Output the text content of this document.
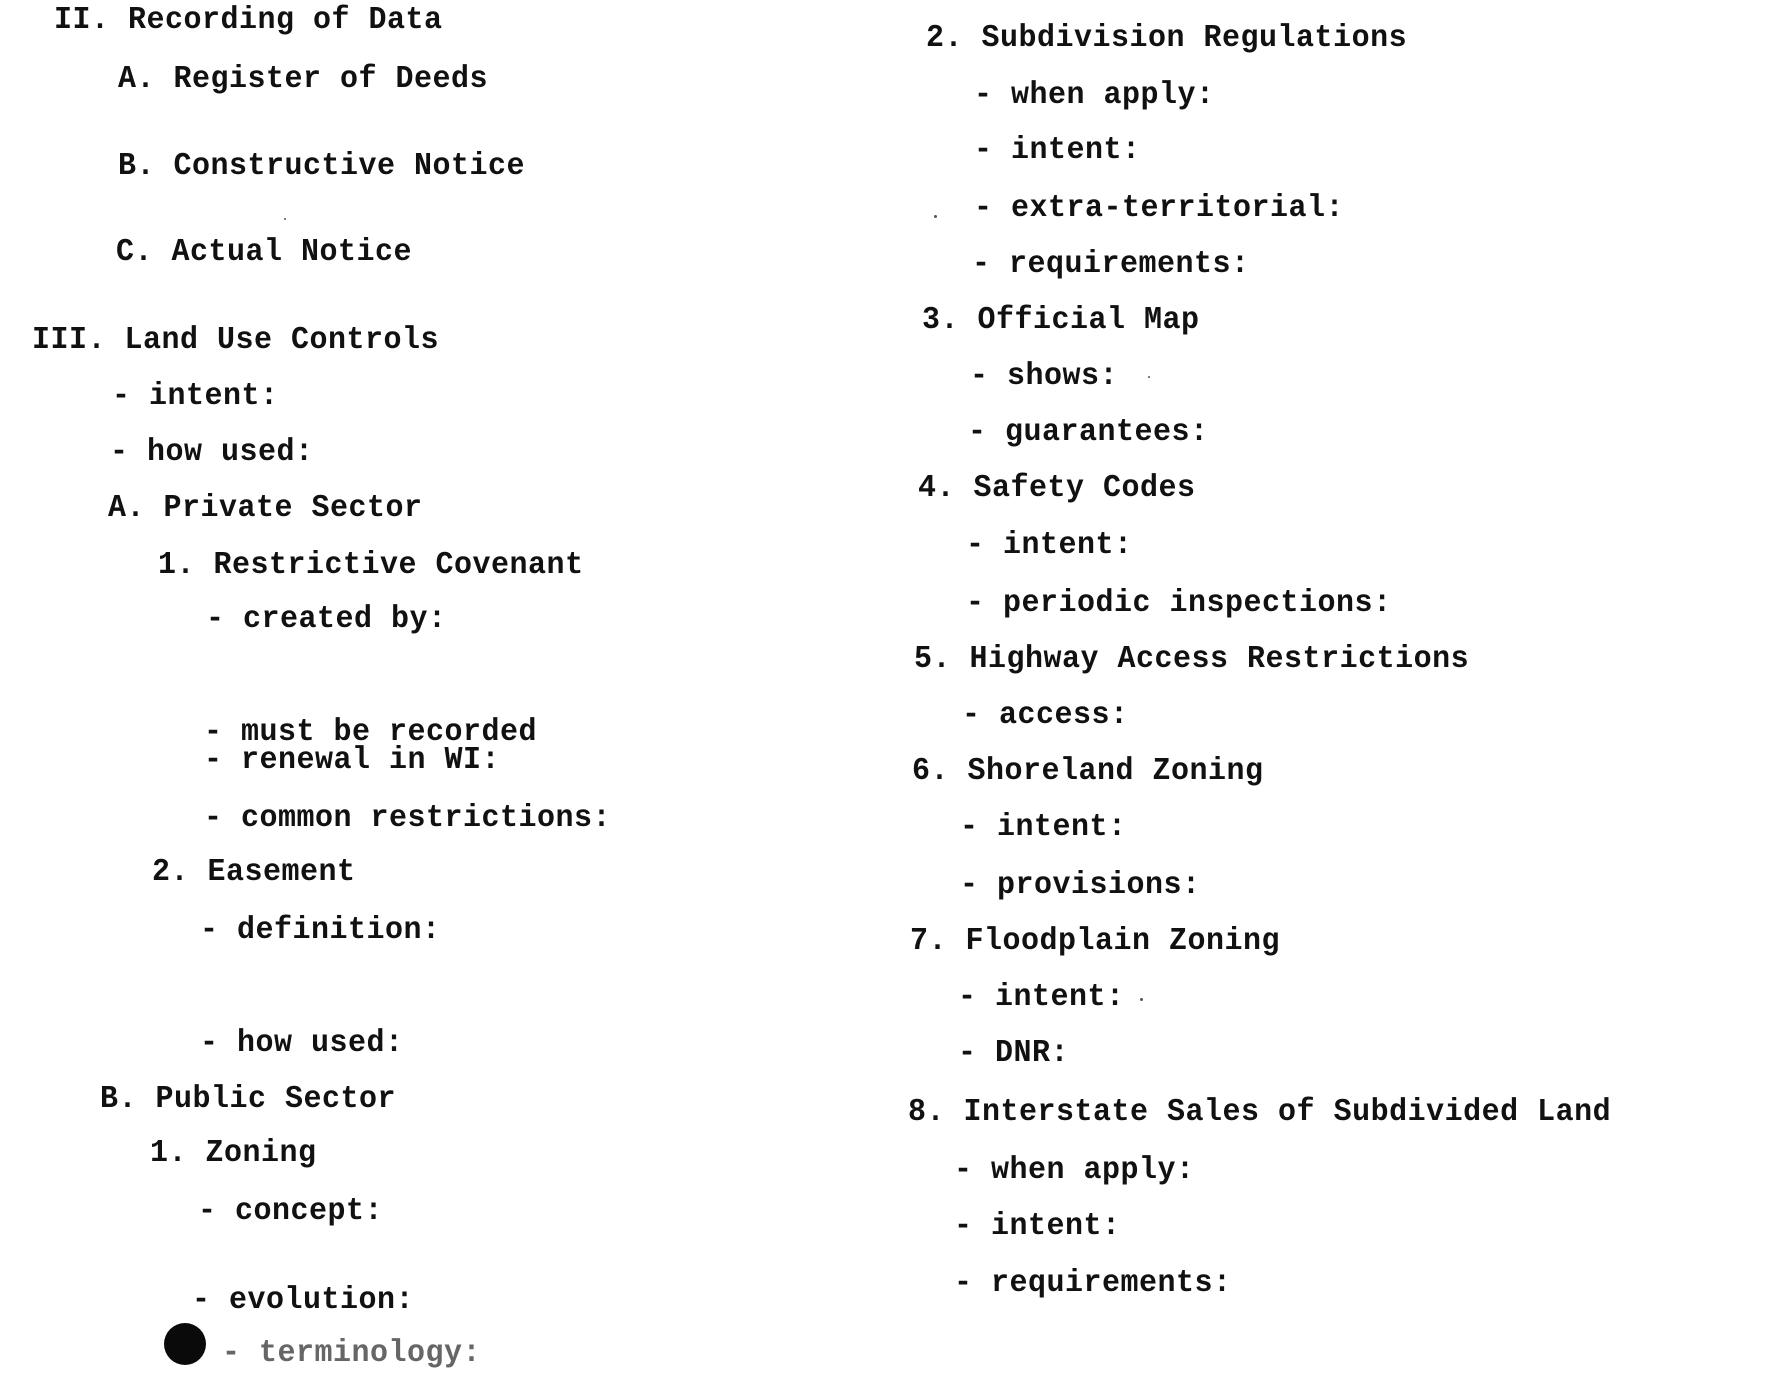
II. Recording of Data
A. Register of Deeds
B. Constructive Notice
C. Actual Notice
III. Land Use Controls
- intent:
- how used:
A. Private Sector
1. Restrictive Covenant
- created by:
- must be recorded
- renewal in WI:
- common restrictions:
2. Easement
- definition:
- how used:
B. Public Sector
1. Zoning
- concept:
- evolution:
- terminology:
2. Subdivision Regulations
- when apply:
- intent:
- extra-territorial:
- requirements:
3. Official Map
- shows:
- guarantees:
4. Safety Codes
- intent:
- periodic inspections:
5. Highway Access Restrictions
- access:
6. Shoreland Zoning
- intent:
- provisions:
7. Floodplain Zoning
- intent:
- DNR:
8. Interstate Sales of Subdivided Land
- when apply:
- intent:
- requirements:
